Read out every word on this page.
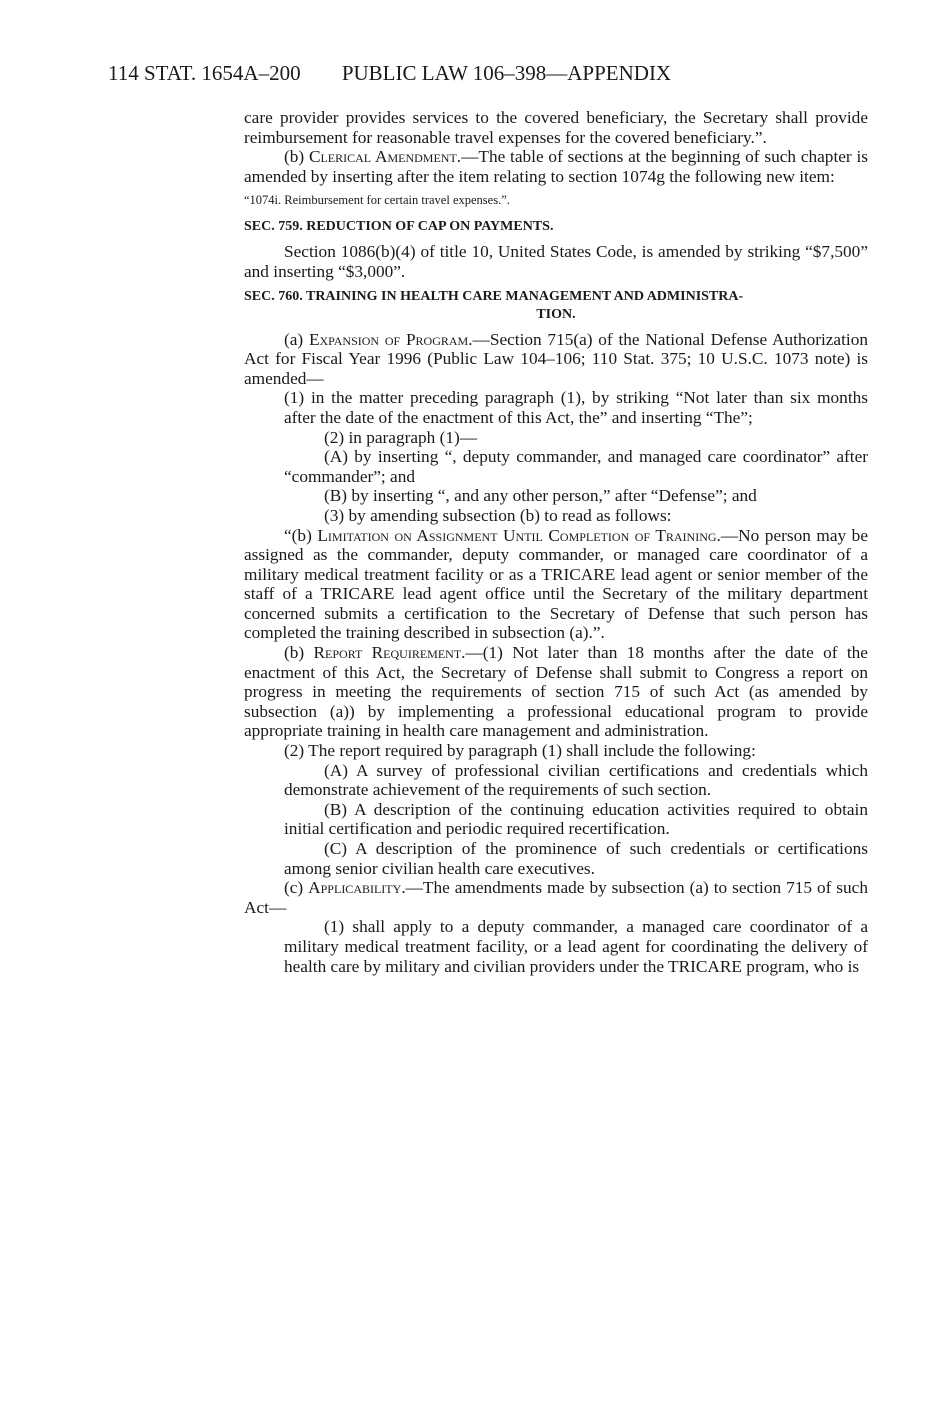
114 STAT. 1654A–200 PUBLIC LAW 106–398—APPENDIX

care provider provides services to the covered beneficiary, the Secretary shall provide reimbursement for reasonable travel expenses for the covered beneficiary.”.

(b) Clerical Amendment.—The table of sections at the beginning of such chapter is amended by inserting after the item relating to section 1074g the following new item:

“1074i. Reimbursement for certain travel expenses.”.

SEC. 759. REDUCTION OF CAP ON PAYMENTS.

Section 1086(b)(4) of title 10, United States Code, is amended by striking “$7,500” and inserting “$3,000”.

SEC. 760. TRAINING IN HEALTH CARE MANAGEMENT AND ADMINISTRA-
TION.

(a) Expansion of Program.—Section 715(a) of the National Defense Authorization Act for Fiscal Year 1996 (Public Law 104–106; 110 Stat. 375; 10 U.S.C. 1073 note) is amended—

(1) in the matter preceding paragraph (1), by striking “Not later than six months after the date of the enactment of this Act, the” and inserting “The”;

(2) in paragraph (1)—

(A) by inserting “, deputy commander, and managed care coordinator” after “commander”; and

(B) by inserting “, and any other person,” after “Defense”; and

(3) by amending subsection (b) to read as follows:

“(b) Limitation on Assignment Until Completion of Training.—No person may be assigned as the commander, deputy commander, or managed care coordinator of a military medical treatment facility or as a TRICARE lead agent or senior member of the staff of a TRICARE lead agent office until the Secretary of the military department concerned submits a certification to the Secretary of Defense that such person has completed the training described in subsection (a).”.

(b) Report Requirement.—(1) Not later than 18 months after the date of the enactment of this Act, the Secretary of Defense shall submit to Congress a report on progress in meeting the requirements of section 715 of such Act (as amended by subsection (a)) by implementing a professional educational program to provide appropriate training in health care management and administration.

(2) The report required by paragraph (1) shall include the following:

(A) A survey of professional civilian certifications and credentials which demonstrate achievement of the requirements of such section.

(B) A description of the continuing education activities required to obtain initial certification and periodic required recertification.

(C) A description of the prominence of such credentials or certifications among senior civilian health care executives.

(c) Applicability.—The amendments made by subsection (a) to section 715 of such Act—

(1) shall apply to a deputy commander, a managed care coordinator of a military medical treatment facility, or a lead agent for coordinating the delivery of health care by military and civilian providers under the TRICARE program, who is
